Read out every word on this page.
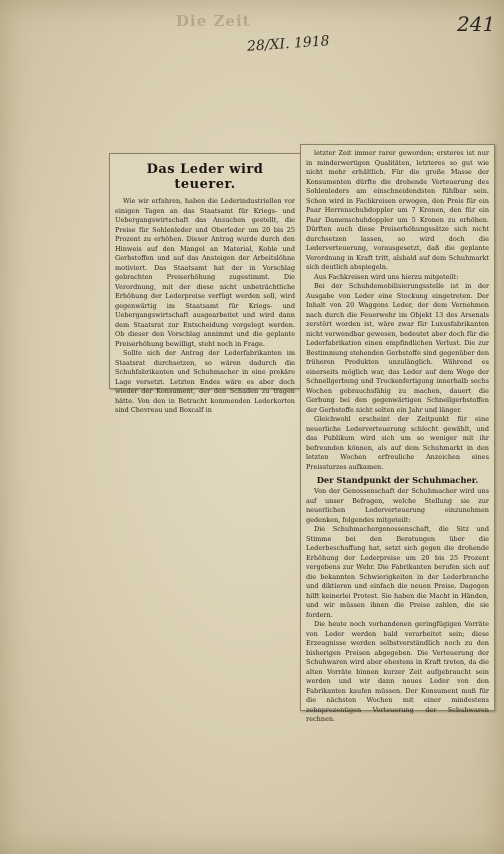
Die Zeit
28/XI. 1918
241
Das Leder wird teuerer.

Wie wir erfahren, haben die Lederindustriellen vor einigen Tagen an das Staatsamt für Kriegs- und Uebergangswirtschaft das Ansuchen gestellt, die Preise für Sohlenleder und Oberleder um 20 bis 25 Prozent zu erhöhen. Dieser Antrag wurde durch den Hinweis auf den Mangel an Material, Kohle und Gerbstoffen und auf das Ansteigen der Arbeitslöhne motiviert. Das Staatsamt hat der in Vorschlag gebrachten Preiserhöhung zugestimmt. Die Verordnung, mit der diese nicht unbeträchtliche Erhöhung der Lederpreise verfügt werden soll, wird gegenwärtig im Staatsamt für Kriegs- und Uebergangswirtschaft ausgearbeitet und wird dann dem Staatsrat zur Entscheidung vorgelegt werden. Ob dieser den Vorschlag annimmt und die geplante Preiserhöhung bewilligt, steht noch in Frage.

Sollte sich der Antrag der Lederfabrikanten im Staatsrat durchsetzen, so wären dadurch die Schuhfabrikanten und Schuhmacher in eine prekäre Lage versetzt. Letzten Endes wäre es aber doch wieder der Konsument, der den Schaden zu tragen hätte. Von den in Betracht kommenden Lederkorten sind Chevreau und Boxcalf in

letzter Zeit immer rarer geworden; ersteres ist nur in minderwertigen Qualitäten, letzteres so gut wie nicht mehr erhältlich. Für die große Masse der Konsumenten dürfte die drohende Verteuerung des Sohlenleders am einschneidendsten fühlbar sein. Schon wird in Fachkreisen erwogen, den Preis für ein Paar Herrenschuhdoppler um 7 Kronen, den für ein Paar Damenschuhdoppler um 5 Kronen zu erhöhen. Dürften auch diese Preiserhöhungssätze sich nicht durchsetzen lassen, so wird doch die Lederverteuerung, vorausgesetzt, daß die geplante Verordnung in Kraft tritt, alsbald auf dem Schuhmarkt sich deutlich abspiegeln.

Aus Fachkreisen wird uns hierzu mitgeteilt:

Bei der Schuhdemobilisierungsstelle ist in der Ausgabe von Leder eine Stockung eingetreten. Der Inhalt von 20 Waggons Leder, der dem Vernehmen nach durch die Feuerwehr im Objekt 13 des Arsenals zerstört worden ist, wäre zwar für Luxusfabrikanten nicht verwendbar gewesen, bedeutet aber doch für die Lederfabrikation einen empfindlichen Verlust. Die zur Bestimmung stehenden Gerbstoffe sind gegenüber den früheren Produkten unzulänglich. Während es einerseits möglich war, das Leder auf dem Wege der Schnellgerbung und Trockenfertigung innerhalb sechs Wochen gebrauchsfähig zu machen, dauert die Gerbung bei den gegenwärtigen Schnellgerbstoffen der Gerbstoffe nicht selten ein Jahr und länger.

Gleichwohl erscheint der Zeitpunkt für eine neuerliche Lederverteuerung schlecht gewählt, und das Publikum wird sich um so weniger mit ihr befreunden können, als auf dem Schuhmarkt in den letzten Wochen erfreuliche Anzeichen eines Preissturzes aufkamen.

Der Standpunkt der Schuhmacher.

Von der Genossenschaft der Schuhmacher wird uns auf unser Befragen, welche Stellung sie zur neuerlichen Lederverteuerung einzunehmen gedenken, folgendes mitgeteilt:

Die Schuhmachergenossenschaft, die Sitz und Stimme bei den Beratungen über die Lederbeschaffung hat, setzt sich gegen die drohende Erhöhung der Lederpreise um 20 bis 25 Prozent vergebens zur Wehr. Die Fabrikanten berufen sich auf die bekannten Schwierigkeiten in der Lederbranche und diktieren und einfach die neuen Preise. Dagegen hilft keinerlei Protest. Sie haben die Macht in Händen, und wir müssen ihnen die Preise zahlen, die sie fordern.

Die heute noch vorhandenen geringfügigen Vorräte von Leder werden bald verarbeitet sein; diese Erzeugnisse werden selbstverständlich noch zu den bisherigen Preisen abgegeben. Die Verteuerung der Schuhwaren wird aber ehestens in Kraft treten, da die alten Vorräte binnen kurzer Zeit aufgebraucht sein werden und wir dann neues Leder von den Fabrikanten kaufen müssen. Der Konsument muß für die nächsten Wochen mit einer mindestens zehnprozentigen Verteuerung der Schuhwaren rechnen.
